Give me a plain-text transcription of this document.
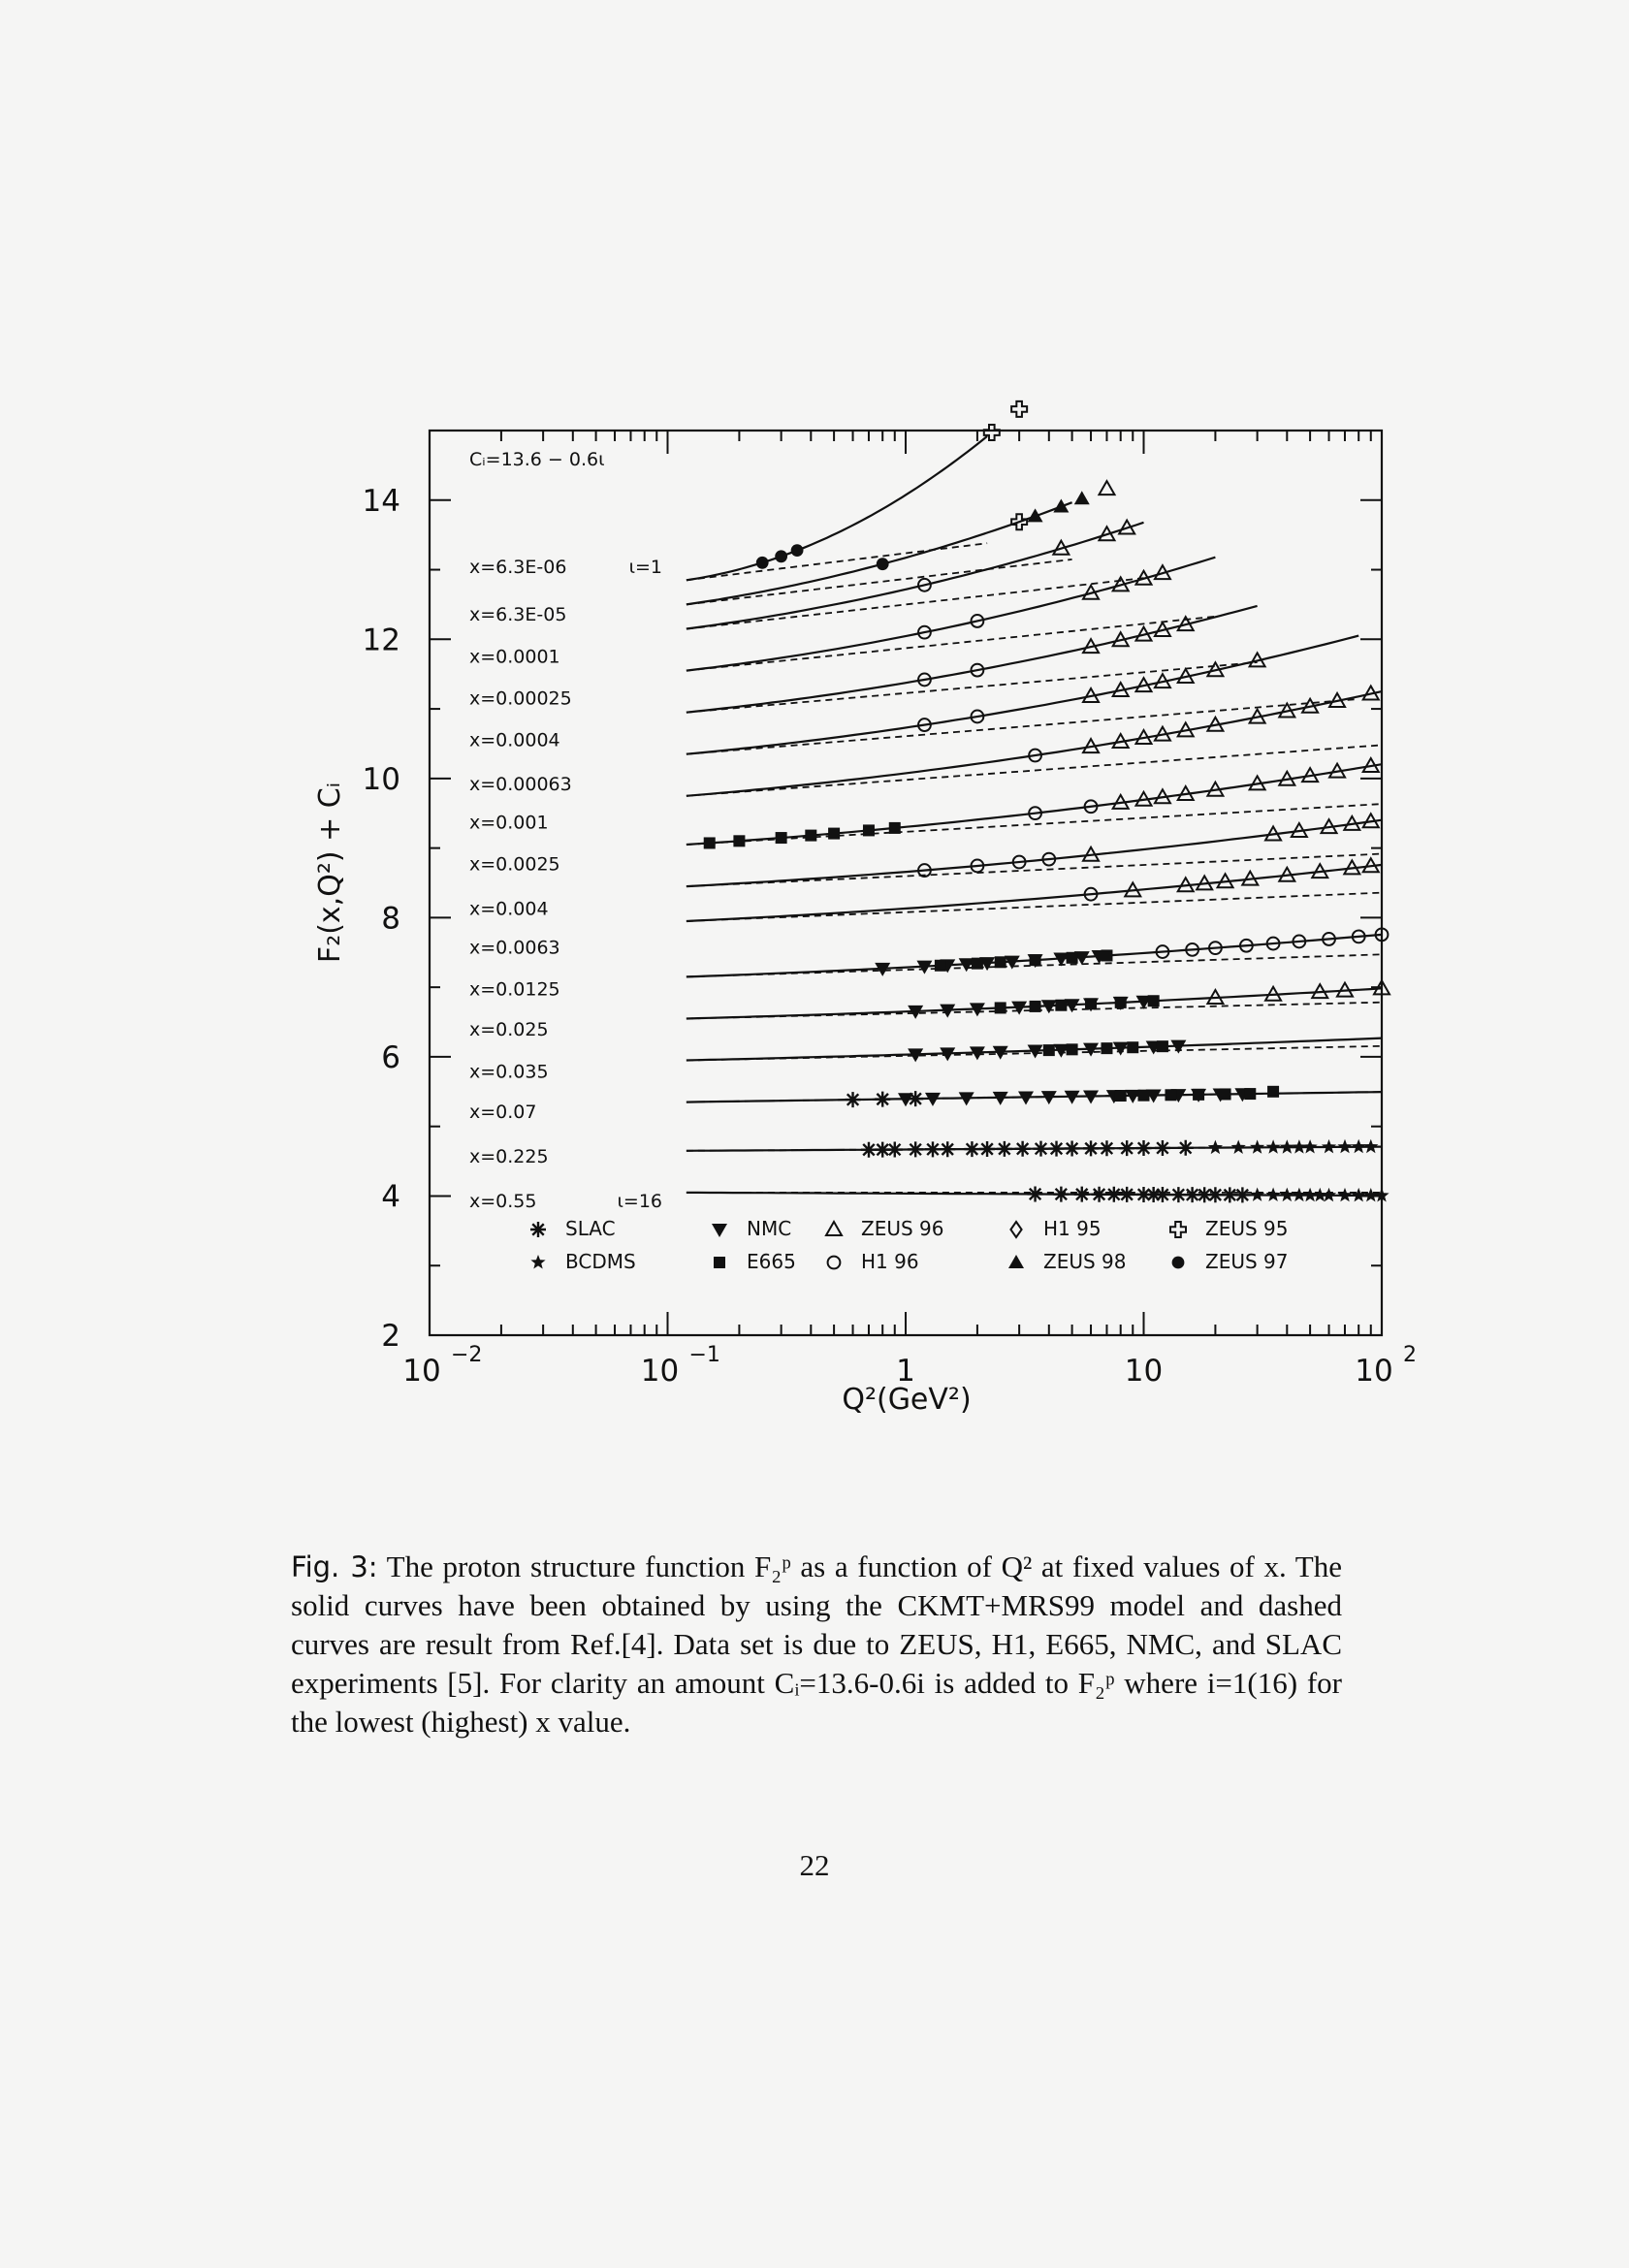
2
4
6
8
10
12
14
10 −2	10 −1	1	10	10 2
x=6.3E-06	ι=1
x=6.3E-05
x=0.0001
x=0.00025
x=0.0004
x=0.00063
x=0.001
x=0.0025
x=0.004
x=0.0063
x=0.0125
x=0.025
x=0.035
x=0.07
x=0.225
x=0.55	ι=16
SLAC	NMC	ZEUS 96	H1 95	ZEUS 95
BCDMS	E665	H1 96	ZEUS 98	ZEUS 97
F₂(x,Q²) + Cᵢ
Q²(GeV²)
Cᵢ=13.6 − 0.6ι
Fig. 3: The proton structure function F₂ᵖ as a function of Q² at fixed values of x. The solid curves have been obtained by using the CKMT+MRS99 model and dashed curves are result from Ref.[4]. Data set is due to ZEUS, H1, E665, NMC, and SLAC experiments [5]. For clarity an amount Cᵢ=13.6-0.6i is added to F₂ᵖ where i=1(16) for the lowest (highest) x value.
22
